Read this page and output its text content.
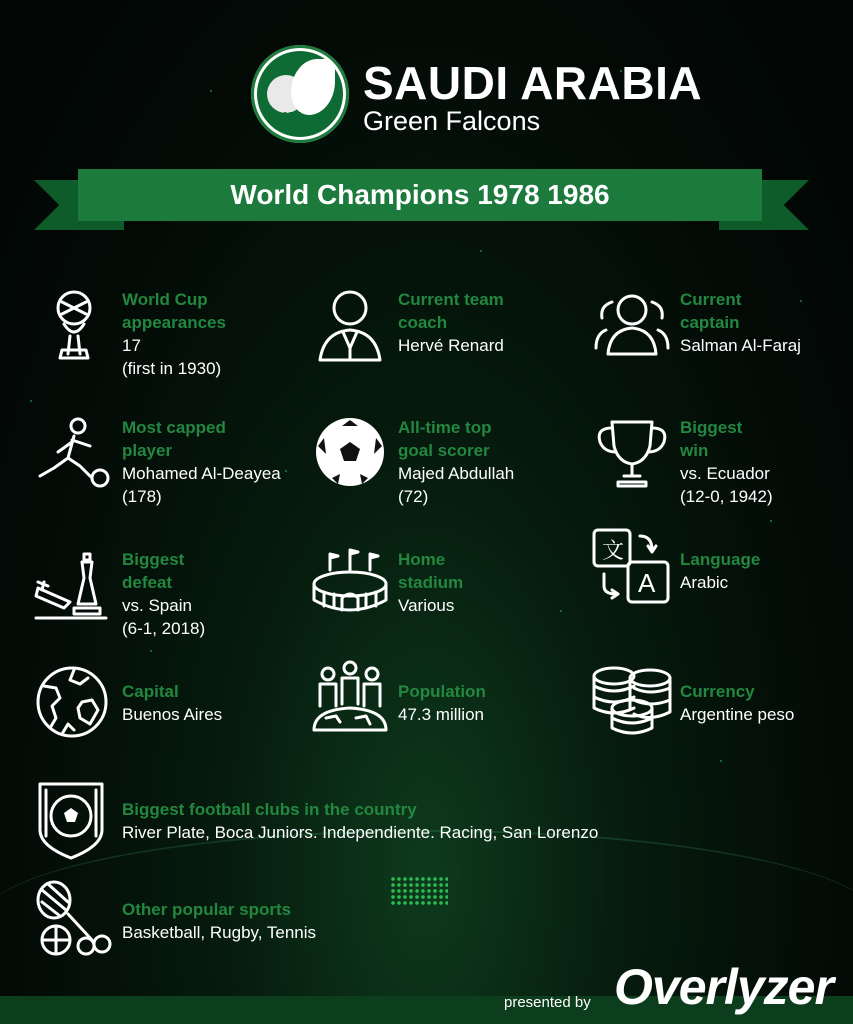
SAFF
SAUDI ARABIA

Green Falcons

World Champions 1978 1986
World Cup
appearances
17
(first in 1930)
Current team
coach
Hervé Renard
Current
captain
Salman Al-Faraj
Most capped
player
Mohamed Al-Deayea
(178)
All-time top
goal scorer
Majed Abdullah
(72)
Biggest
win
vs. Ecuador
(12-0, 1942)
Biggest
defeat
vs. Spain
(6-1, 2018)
Home
stadium
Various
文
A
Language
Arabic
Capital
Buenos Aires
Population
47.3 million
Currency
Argentine peso
Biggest football clubs in the country
River Plate, Boca Juniors. Independiente. Racing, San Lorenzo
Other popular sports
Basketball, Rugby, Tennis
presented by Overlyzer
